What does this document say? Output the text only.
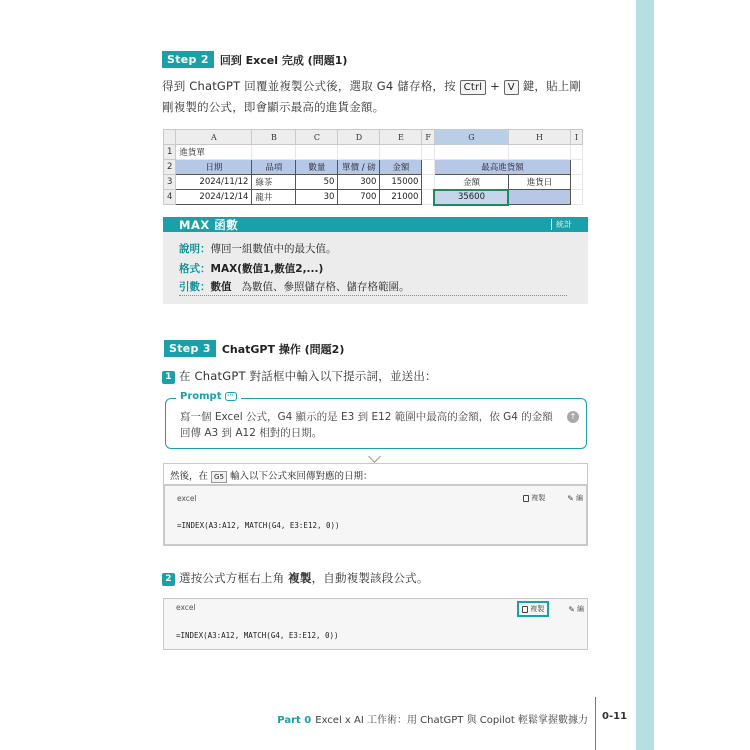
Step 2	回到 Excel 完成 (問題1)
得到 ChatGPT 回覆並複製公式後，選取 G4 儲存格，按 Ctrl + V 鍵，貼上剛剛複製的公式，即會顯示最高的進貨金額。
	A	B	C	D	E	F	G	H	I
1	進貨單								
2	日期	品項	數量	單價 / 磅	金額		最高進貨額		
3	2024/11/12	綠茶	50	300	15000		金額	進貨日	
4	2024/12/14	龍井	30	700	21000		35600		
MAX 函數	統計
說明：傳回一組數值中的最大值。
格式：MAX(數值1,數值2,...)
引數：數值 為數值、參照儲存格、儲存格範圍。
Step 3	ChatGPT 操作 (問題2)
1 在 ChatGPT 對話框中輸入以下提示詞，並送出：
Prompt ···
寫一個 Excel 公式，G4 顯示的是 E3 到 E12 範圍中最高的金額，依 G4 的金額回傳 A3 到 A12 相對的日期。
↑
然後，在 G5 輸入以下公式來回傳對應的日期：
excel	複製	✎ 編
=INDEX(A3:A12, MATCH(G4, E3:E12, 0))
2 選按公式方框右上角 複製，自動複製該段公式。
excel	複製	✎ 編
=INDEX(A3:A12, MATCH(G4, E3:E12, 0))
Part 0 Excel x AI 工作術：用 ChatGPT 與 Copilot 輕鬆掌握數據力 0-11
